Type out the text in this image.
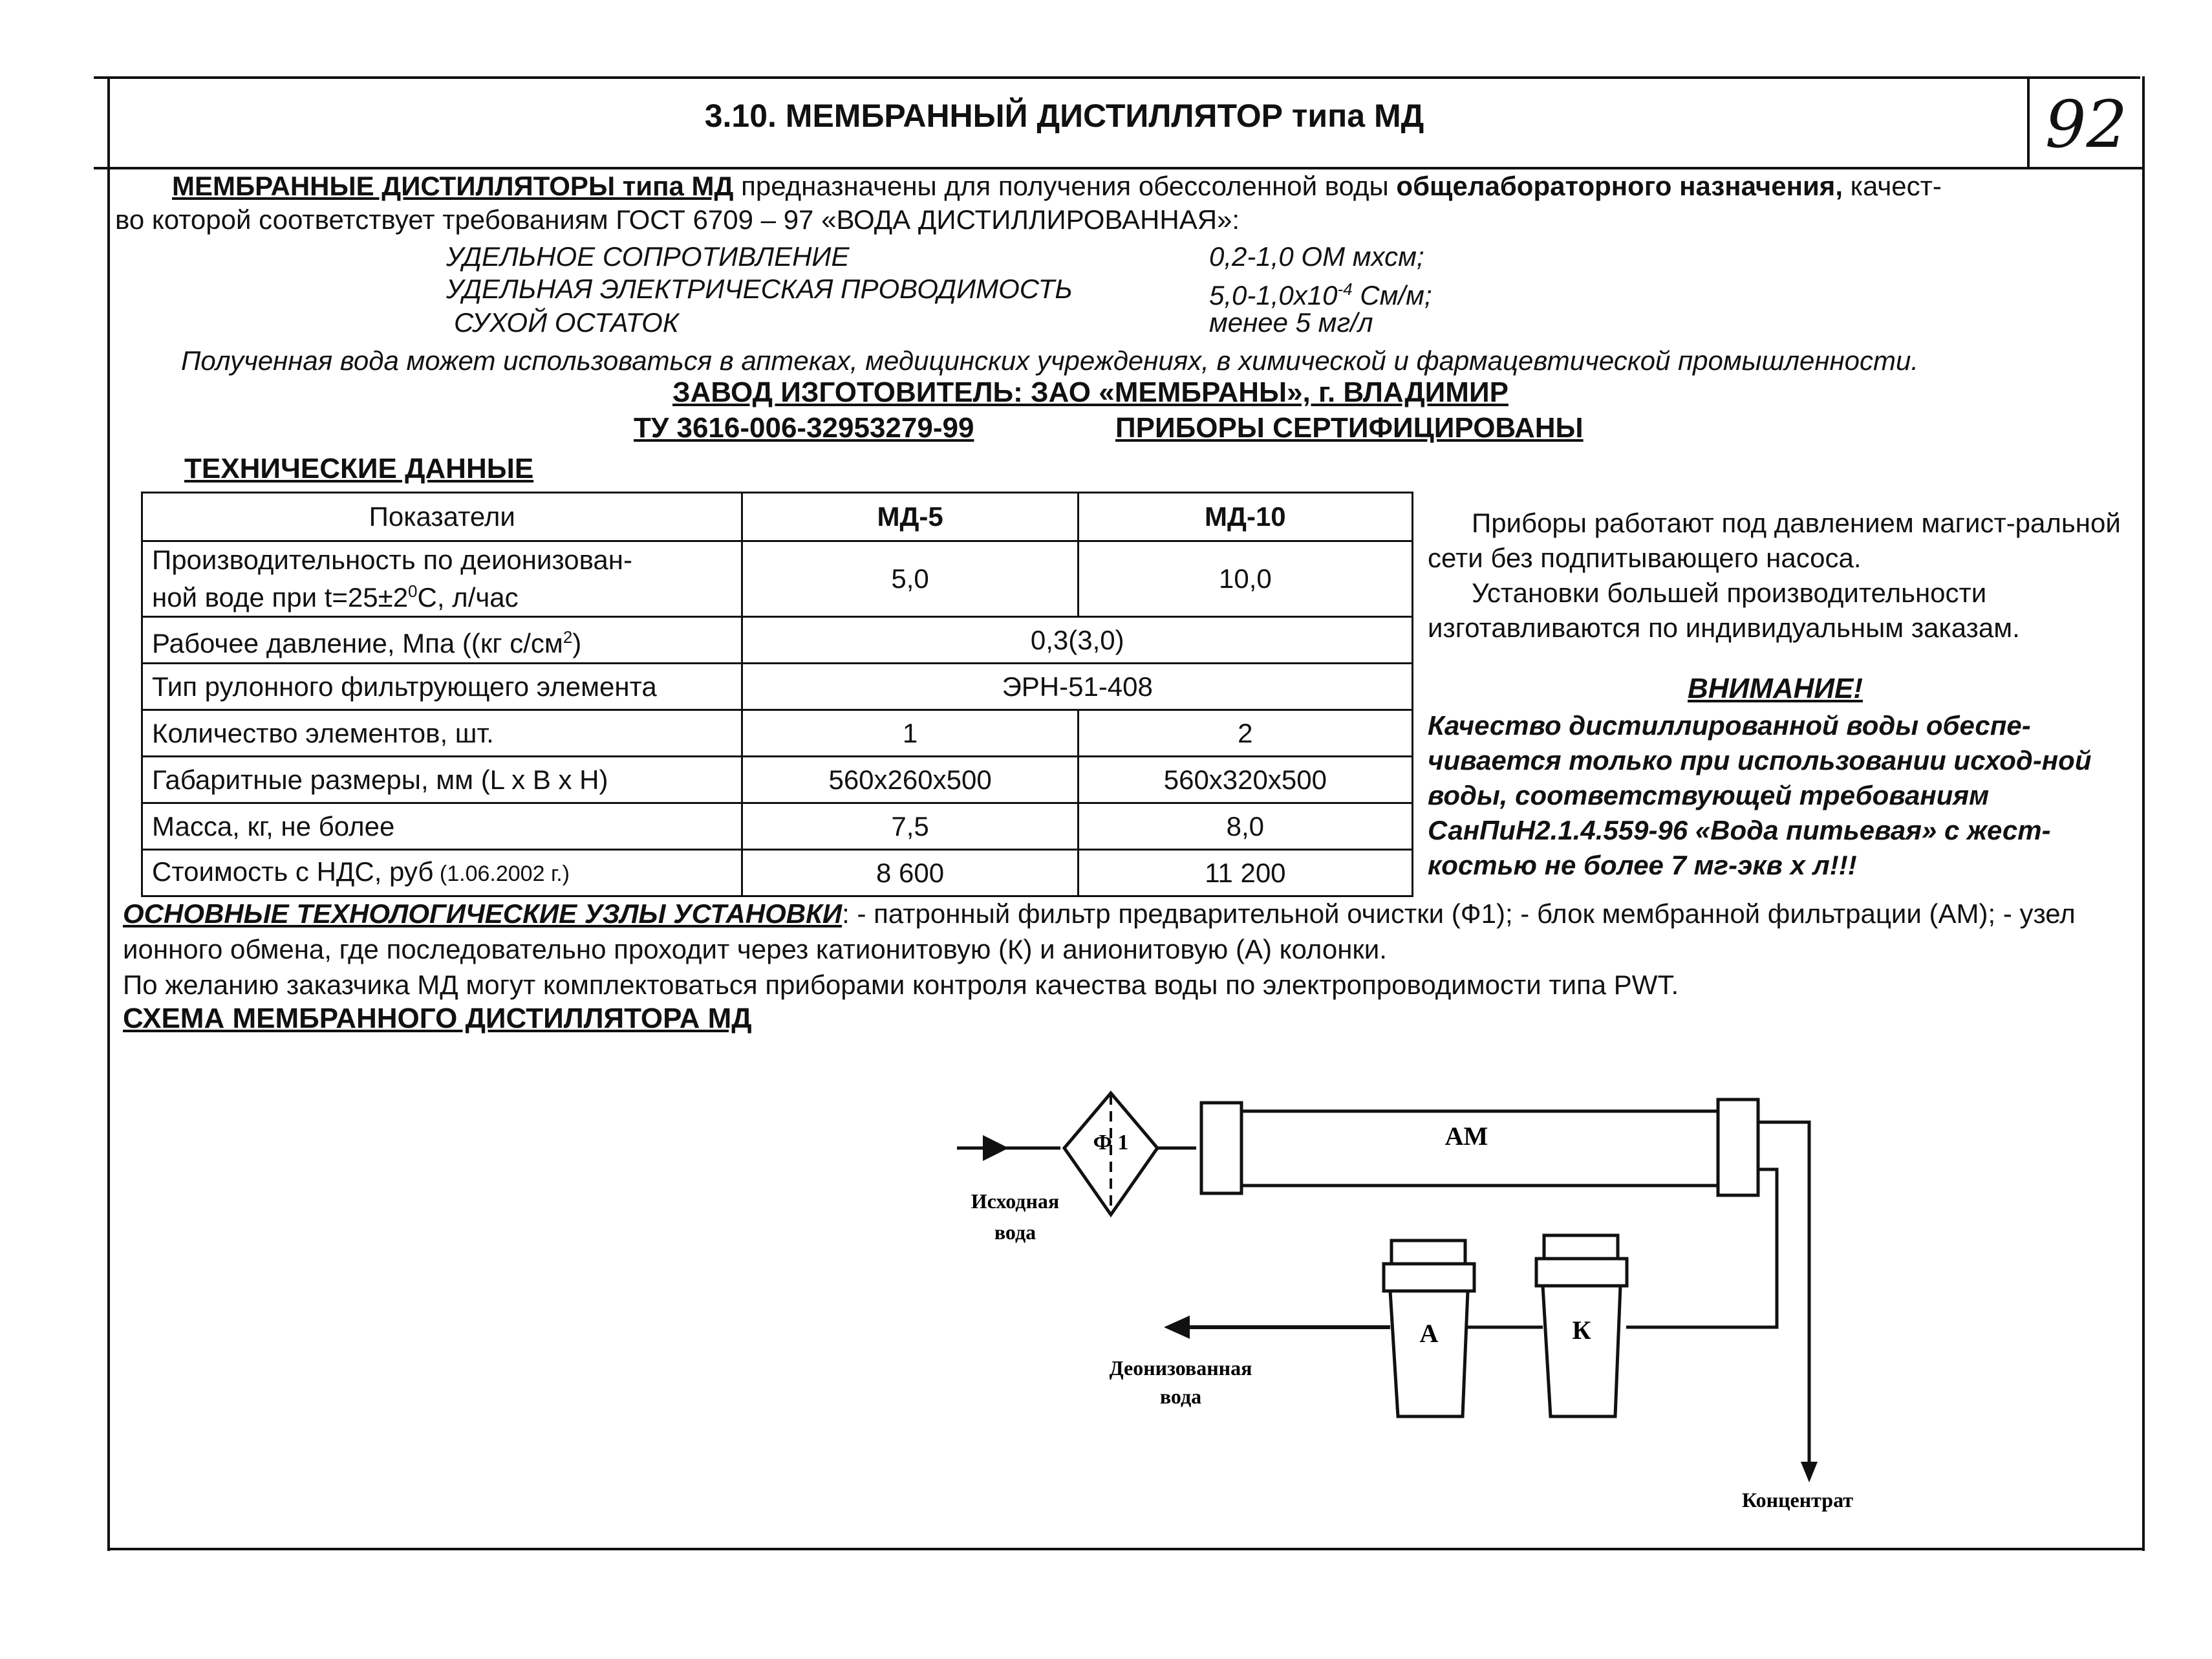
3.10. МЕМБРАННЫЙ ДИСТИЛЛЯТОР типа МД	92
МЕМБРАННЫЕ ДИСТИЛЛЯТОРЫ типа МД предназначены для получения обессоленной воды общелабораторного назначения, качест-
во которой соответствует требованиям ГОСТ 6709 – 97 «ВОДА ДИСТИЛЛИРОВАННАЯ»:
УДЕЛЬНОЕ СОПРОТИВЛЕНИЕ	0,2-1,0 ОМ мхсм;
УДЕЛЬНАЯ ЭЛЕКТРИЧЕСКАЯ ПРОВОДИМОСТЬ	$5,0-1,0x10^{-4}$ См/м;
СУХОЙ ОСТАТОК	менее 5 мг/л
Полученная вода может использоваться в аптеках, медицинских учреждениях, в химической и фармацевтической промышленности.
ЗАВОД ИЗГОТОВИТЕЛЬ: ЗАО «МЕМБРАНЫ», г. ВЛАДИМИР
ТУ 3616-006-32953279-99	ПРИБОРЫ СЕРТИФИЦИРОВАНЫ
ТЕХНИЧЕСКИЕ ДАННЫЕ
Показатели	МД-5	МД-10
Производительность по деионизован-
ной воде при $t=25\pm 2^0С$, л/час	5,0	10,0
Рабочее давление, Мпа ((кг $с/см^2$)	0,3(3,0)	
Тип рулонного фильтрующего элемента	ЭРН-51-408	
Количество элементов, шт.	1	2
Габаритные размеры, мм (L x B x H)	560x260x500	560x320x500
Масса, кг, не более	7,5	8,0
Стоимость с НДС, руб (1.06.2002 г.)	8 600	11 200

Приборы работают под давлением магист-ральной сети без подпитывающего насоса.

Установки большей производительности изготавливаются по индивидуальным заказам.

ВНИМАНИЕ!
Качество дистиллированной воды обеспе-чивается только при использовании исход-ной воды, соответствующей требованиям СанПиН2.1.4.559-96 «Вода питьевая» с жест-костью не более 7 мг-экв х л!!!
ОСНОВНЫЕ ТЕХНОЛОГИЧЕСКИЕ УЗЛЫ УСТАНОВКИ: - патронный фильтр предварительной очистки (Ф1); - блок мембранной фильтрации (АМ); - узел ионного обмена, где последовательно проходит через катионитовую (К) и анионитовую (А) колонки.
По желанию заказчика МД могут комплектоваться приборами контроля качества воды по электропроводимости типа PWT.
СХЕМА МЕМБРАННОГО ДИСТИЛЛЯТОРА МД
Ф 1	АМ
А	К
Исходная
вода
Деонизованная
вода
Концентрат
